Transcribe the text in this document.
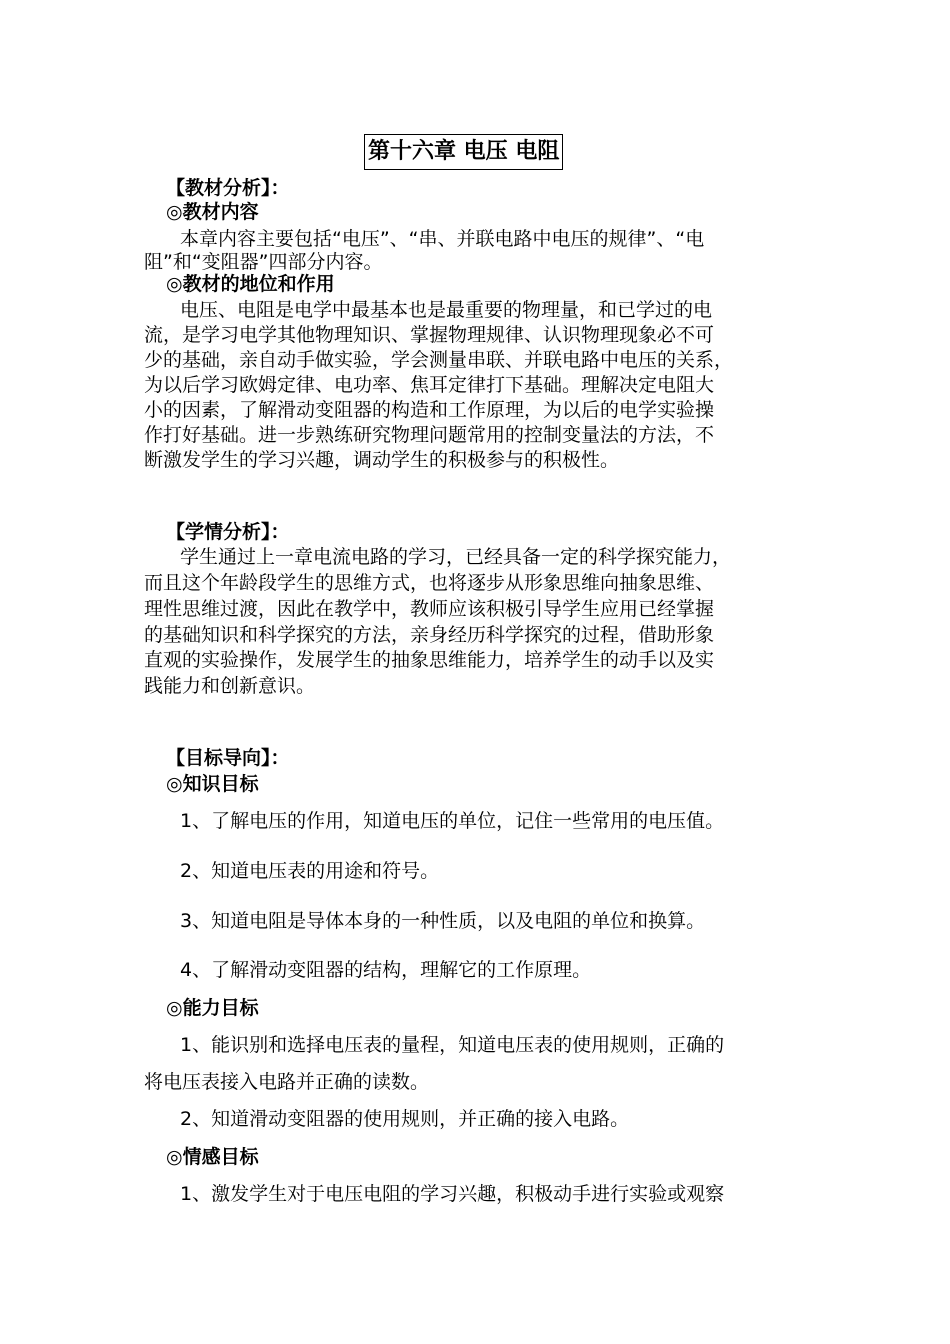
第十六章 电压 电阻
【教材分析】：
◎教材内容
本章内容主要包括“电压”、“串、并联电路中电压的规律”、“电
阻”和“变阻器”四部分内容。
◎教材的地位和作用
电压、电阻是电学中最基本也是最重要的物理量，和已学过的电
流，是学习电学其他物理知识、掌握物理规律、认识物理现象必不可
少的基础，亲自动手做实验，学会测量串联、并联电路中电压的关系，
为以后学习欧姆定律、电功率、焦耳定律打下基础。理解决定电阻大
小的因素，了解滑动变阻器的构造和工作原理，为以后的电学实验操
作打好基础。进一步熟练研究物理问题常用的控制变量法的方法，不
断激发学生的学习兴趣，调动学生的积极参与的积极性。
【学情分析】：
学生通过上一章电流电路的学习，已经具备一定的科学探究能力，
而且这个年龄段学生的思维方式，也将逐步从形象思维向抽象思维、
理性思维过渡，因此在教学中，教师应该积极引导学生应用已经掌握
的基础知识和科学探究的方法，亲身经历科学探究的过程，借助形象
直观的实验操作，发展学生的抽象思维能力，培养学生的动手以及实
践能力和创新意识。
【目标导向】：
◎知识目标
1、了解电压的作用，知道电压的单位，记住一些常用的电压值。
2、知道电压表的用途和符号。
3、知道电阻是导体本身的一种性质，以及电阻的单位和换算。
4、了解滑动变阻器的结构，理解它的工作原理。
◎能力目标
1、能识别和选择电压表的量程，知道电压表的使用规则，正确的
将电压表接入电路并正确的读数。
2、知道滑动变阻器的使用规则，并正确的接入电路。
◎情感目标
1、激发学生对于电压电阻的学习兴趣，积极动手进行实验或观察
